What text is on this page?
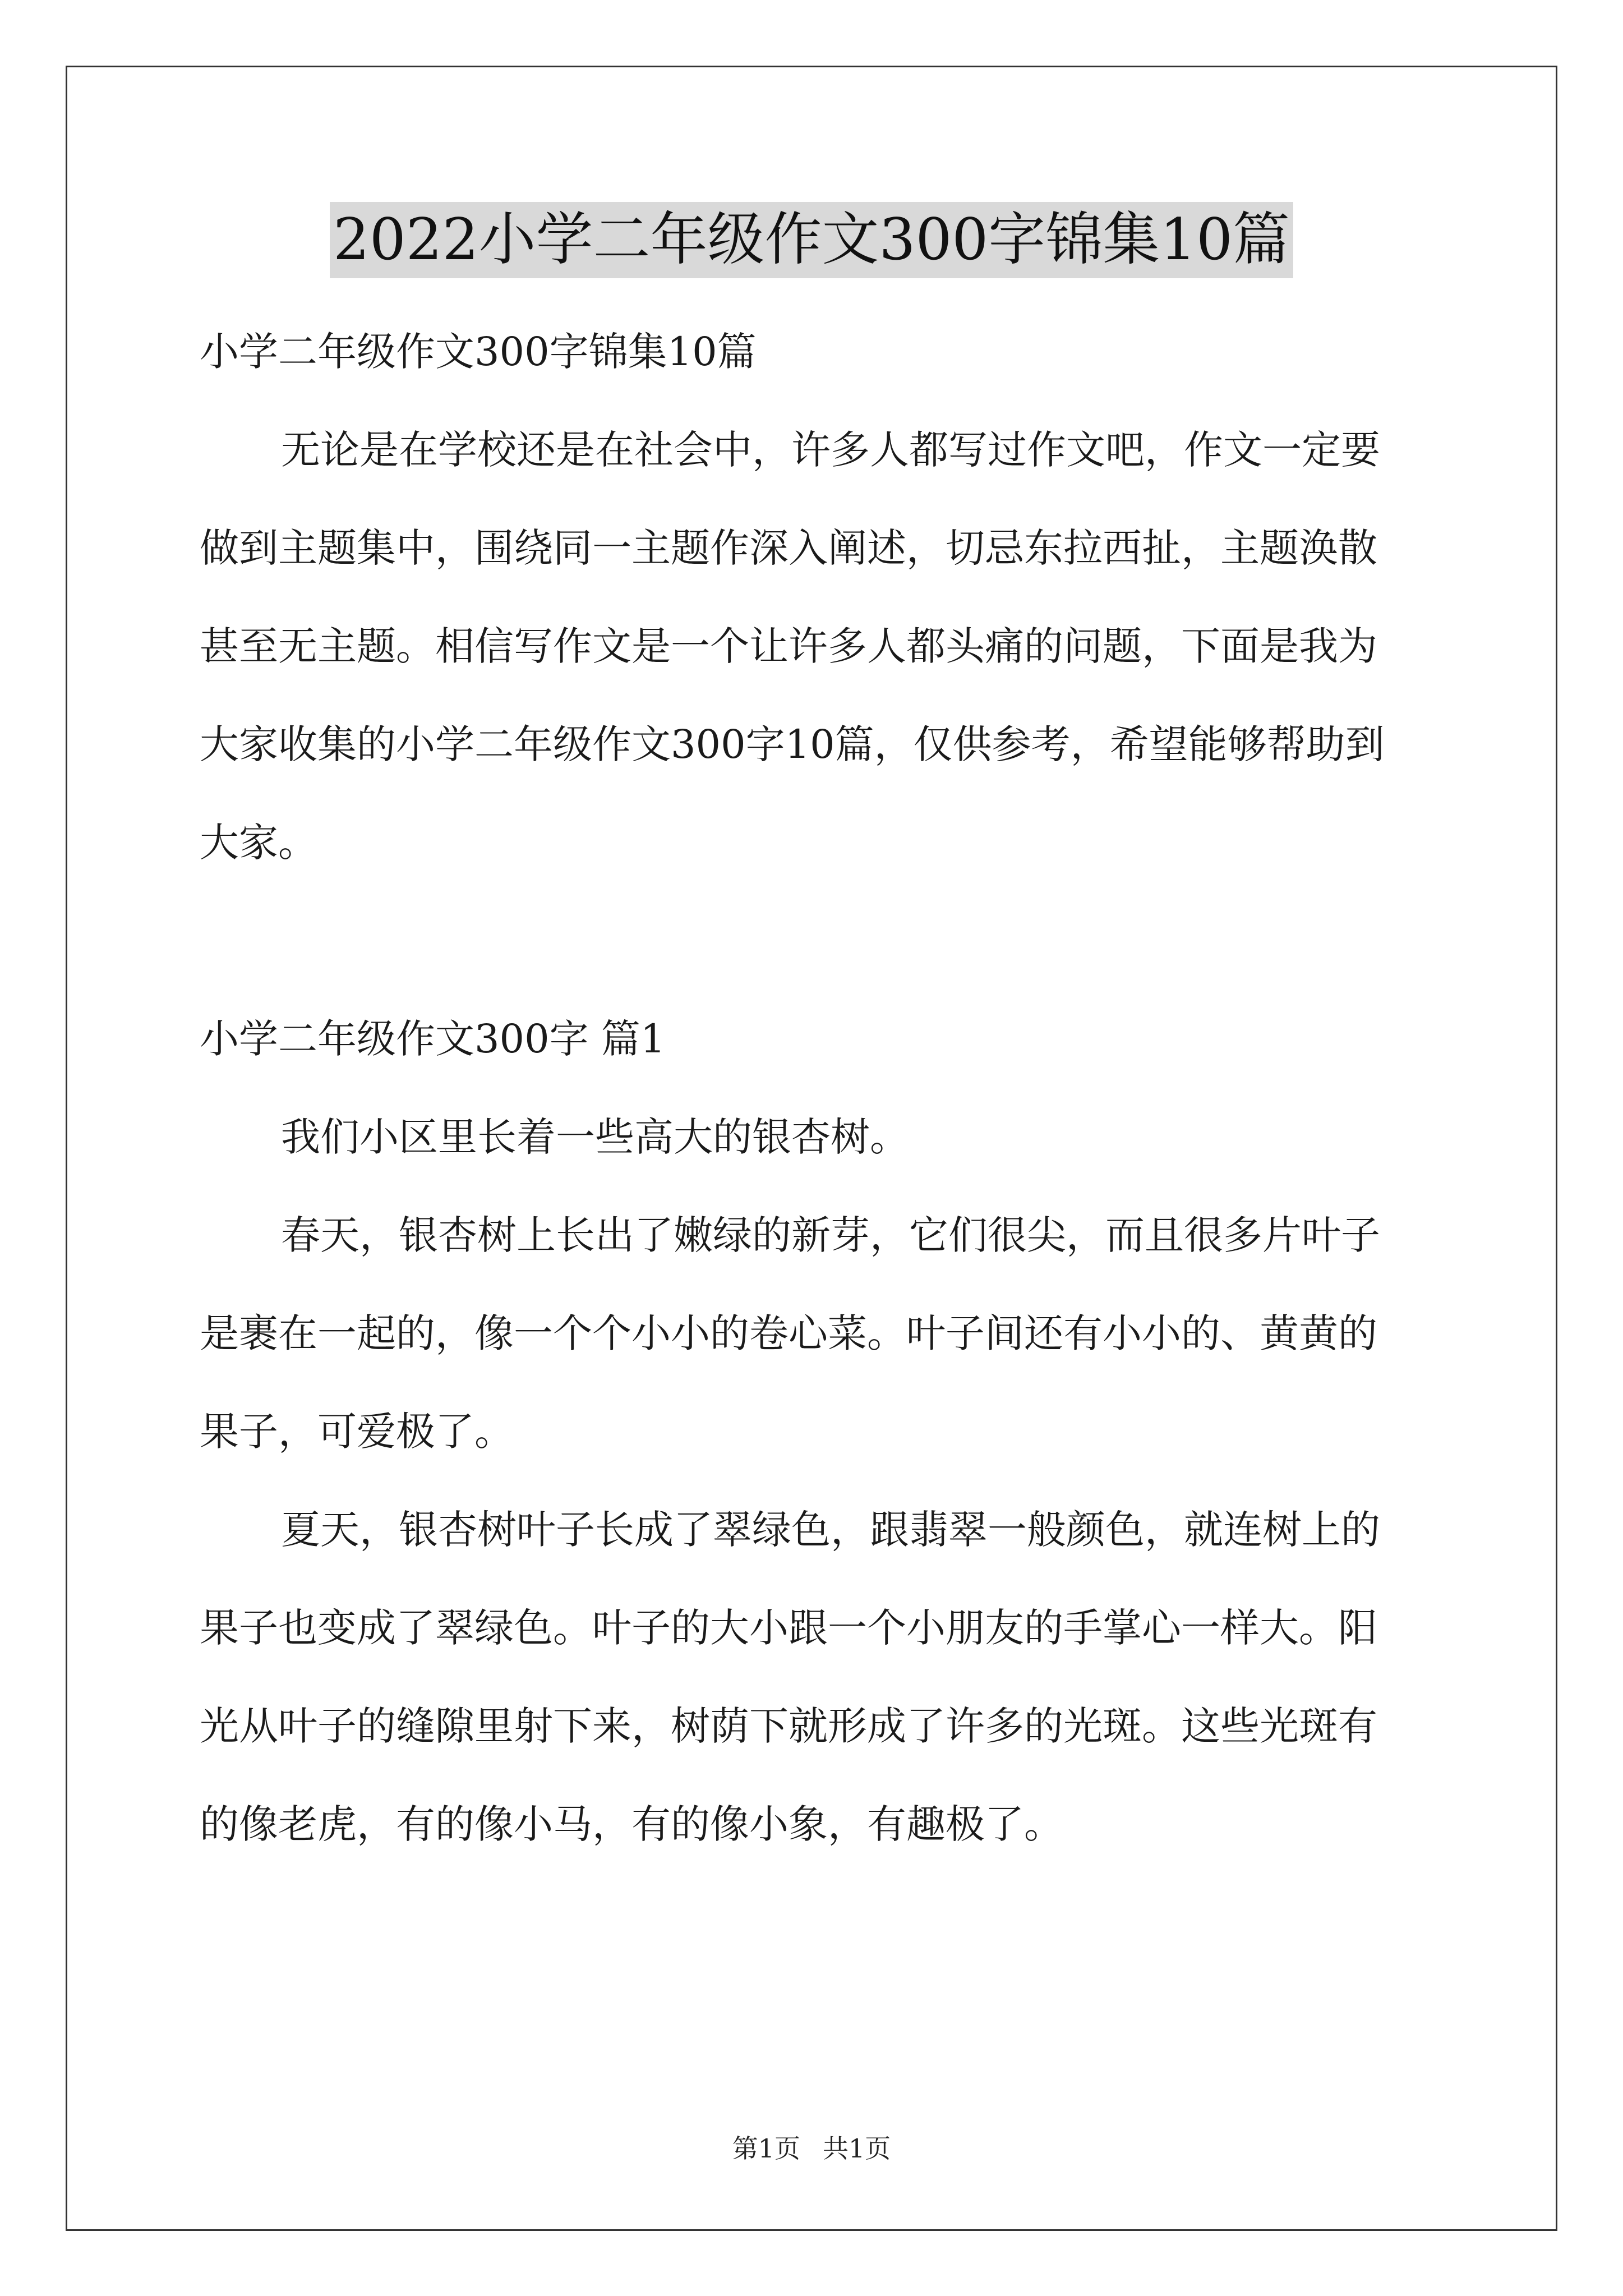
2022小学二年级作文300字锦集10篇
小学二年级作文300字锦集10篇
无论是在学校还是在社会中，许多人都写过作文吧，作文一定要
做到主题集中，围绕同一主题作深入阐述，切忌东拉西扯，主题涣散
甚至无主题。相信写作文是一个让许多人都头痛的问题，下面是我为
大家收集的小学二年级作文300字10篇，仅供参考，希望能够帮助到
大家。
小学二年级作文300字 篇1
我们小区里长着一些高大的银杏树。
春天，银杏树上长出了嫩绿的新芽，它们很尖，而且很多片叶子
是裹在一起的，像一个个小小的卷心菜。叶子间还有小小的、黄黄的
果子，可爱极了。
夏天，银杏树叶子长成了翠绿色，跟翡翠一般颜色，就连树上的
果子也变成了翠绿色。叶子的大小跟一个小朋友的手掌心一样大。阳
光从叶子的缝隙里射下来，树荫下就形成了许多的光斑。这些光斑有
的像老虎，有的像小马，有的像小象，有趣极了。
第1页 共1页
